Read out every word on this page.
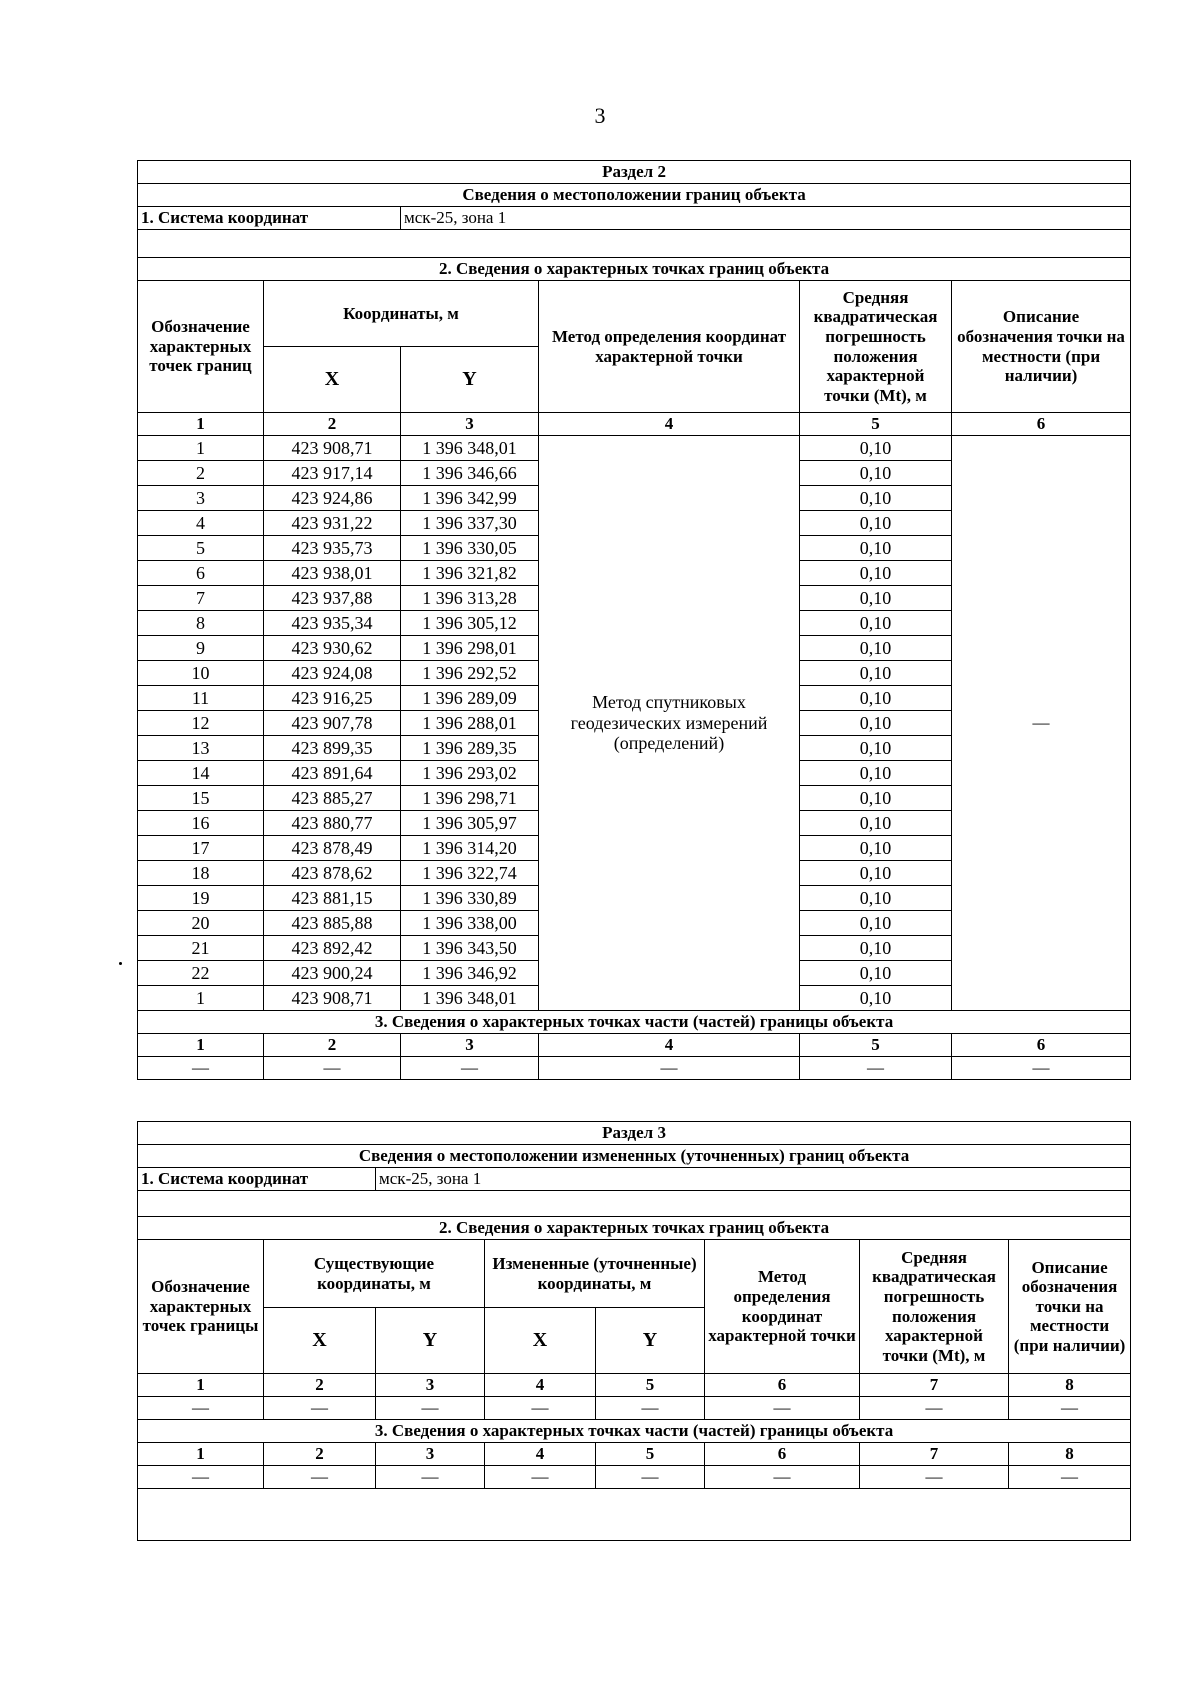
3
Раздел 2					
Сведения о местоположении границ объекта					
1. Система координат		мск-25, зона 1			

2. Сведения о характерных точках границ объекта					
Обозначение характерных точек границ	Координаты, м		Метод определения координат характерной точки	Средняя квадратическая погрешность положения характерной точки (Mt), м	Описание обозначения точки на местности (при наличии)
	X	Y			
1	2	3	4	5	6
1	423 908,71	1 396 348,01	Метод спутниковых геодезических измерений (определений)	0,10	—
2	423 917,14	1 396 346,66		0,10	
3	423 924,86	1 396 342,99		0,10	
4	423 931,22	1 396 337,30		0,10	
5	423 935,73	1 396 330,05		0,10	
6	423 938,01	1 396 321,82		0,10	
7	423 937,88	1 396 313,28		0,10	
8	423 935,34	1 396 305,12		0,10	
9	423 930,62	1 396 298,01		0,10	
10	423 924,08	1 396 292,52		0,10	
11	423 916,25	1 396 289,09		0,10	
12	423 907,78	1 396 288,01		0,10	
13	423 899,35	1 396 289,35		0,10	
14	423 891,64	1 396 293,02		0,10	
15	423 885,27	1 396 298,71		0,10	
16	423 880,77	1 396 305,97		0,10	
17	423 878,49	1 396 314,20		0,10	
18	423 878,62	1 396 322,74		0,10	
19	423 881,15	1 396 330,89		0,10	
20	423 885,88	1 396 338,00		0,10	
21	423 892,42	1 396 343,50		0,10	
22	423 900,24	1 396 346,92		0,10	
1	423 908,71	1 396 348,01		0,10	
3. Сведения о характерных точках части (частей) границы объекта					
1	2	3	4	5	6
—	—	—	—	—	—
Раздел 3							
Сведения о местоположении измененных (уточненных) границ объекта							
1. Система координат		мск-25, зона 1					

2. Сведения о характерных точках границ объекта							
Обозначение характерных точек границы	Существующие координаты, м		Измененные (уточненные) координаты, м		Метод определения координат характерной точки	Средняя квадратическая погрешность положения характерной точки (Mt), м	Описание обозначения точки на местности (при наличии)
	X	Y	X	Y			
1	2	3	4	5	6	7	8
—	—	—	—	—	—	—	—
3. Сведения о характерных точках части (частей) границы объекта							
1	2	3	4	5	6	7	8
—	—	—	—	—	—	—	—
